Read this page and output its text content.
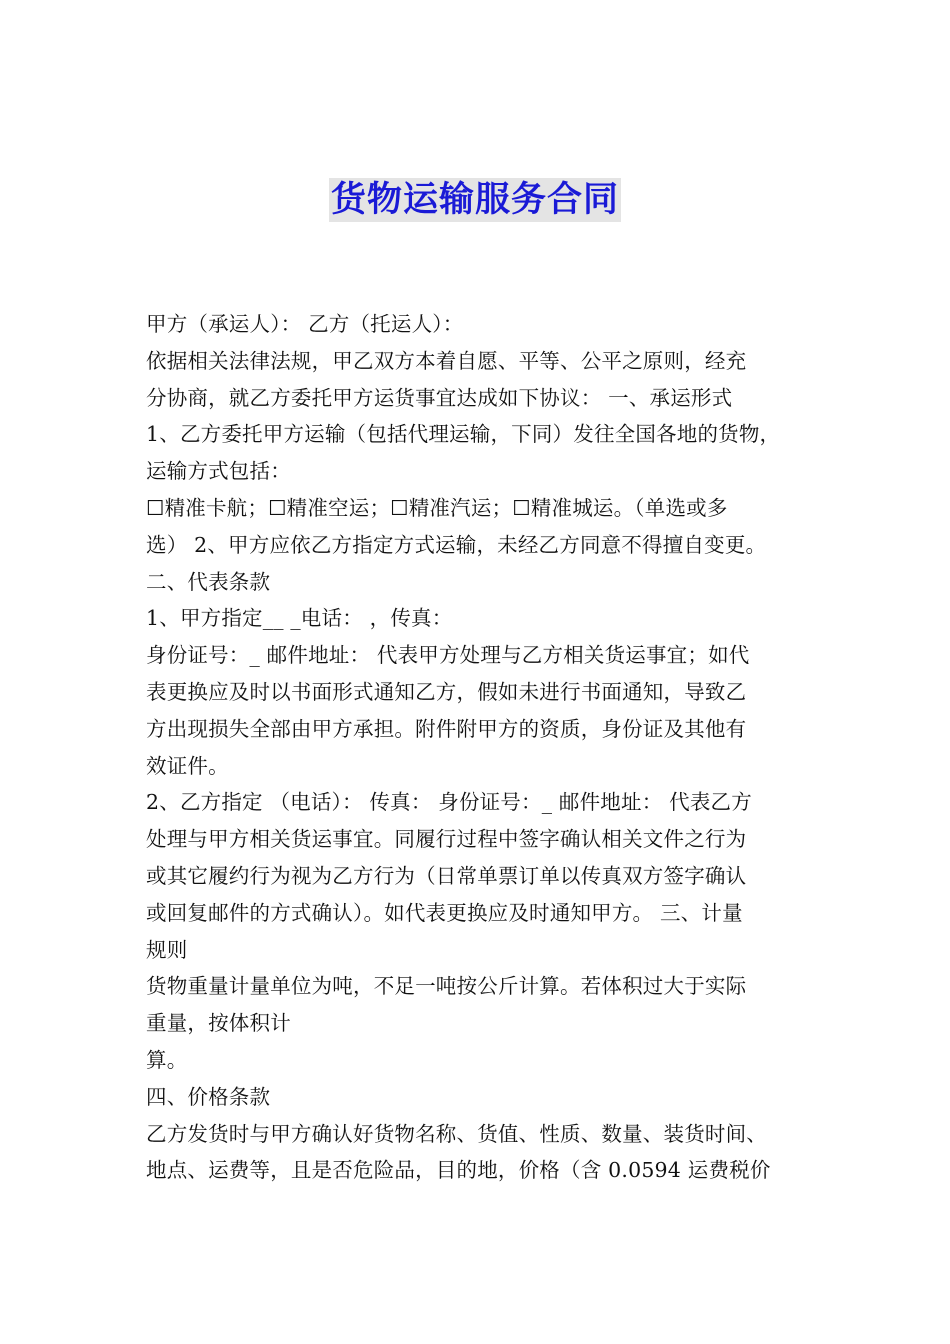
货物运输服务合同
甲方（承运人）： 乙方（托运人）：
依据相关法律法规，甲乙双方本着自愿、平等、公平之原则，经充
分协商，就乙方委托甲方运货事宜达成如下协议： 一、承运形式
1、乙方委托甲方运输（包括代理运输，下同）发往全国各地的货物，
运输方式包括：
☐精准卡航；☐精准空运；☐精准汽运；☐精准城运。（单选或多
选） 2、甲方应依乙方指定方式运输，未经乙方同意不得擅自变更。
二、代表条款
1、甲方指定__ _电话： ，传真：
身份证号：_ 邮件地址： 代表甲方处理与乙方相关货运事宜；如代
表更换应及时以书面形式通知乙方，假如未进行书面通知，导致乙
方出现损失全部由甲方承担。附件附甲方的资质，身份证及其他有
效证件。
2、乙方指定 （电话）： 传真： 身份证号：_ 邮件地址： 代表乙方
处理与甲方相关货运事宜。同履行过程中签字确认相关文件之行为
或其它履约行为视为乙方行为（日常单票订单以传真双方签字确认
或回复邮件的方式确认）。如代表更换应及时通知甲方。 三、计量
规则
货物重量计量单位为吨，不足一吨按公斤计算。若体积过大于实际
重量，按体积计
算。
四、价格条款
乙方发货时与甲方确认好货物名称、货值、性质、数量、装货时间、
地点、运费等，且是否危险品，目的地，价格（含 0.0594 运费税价
